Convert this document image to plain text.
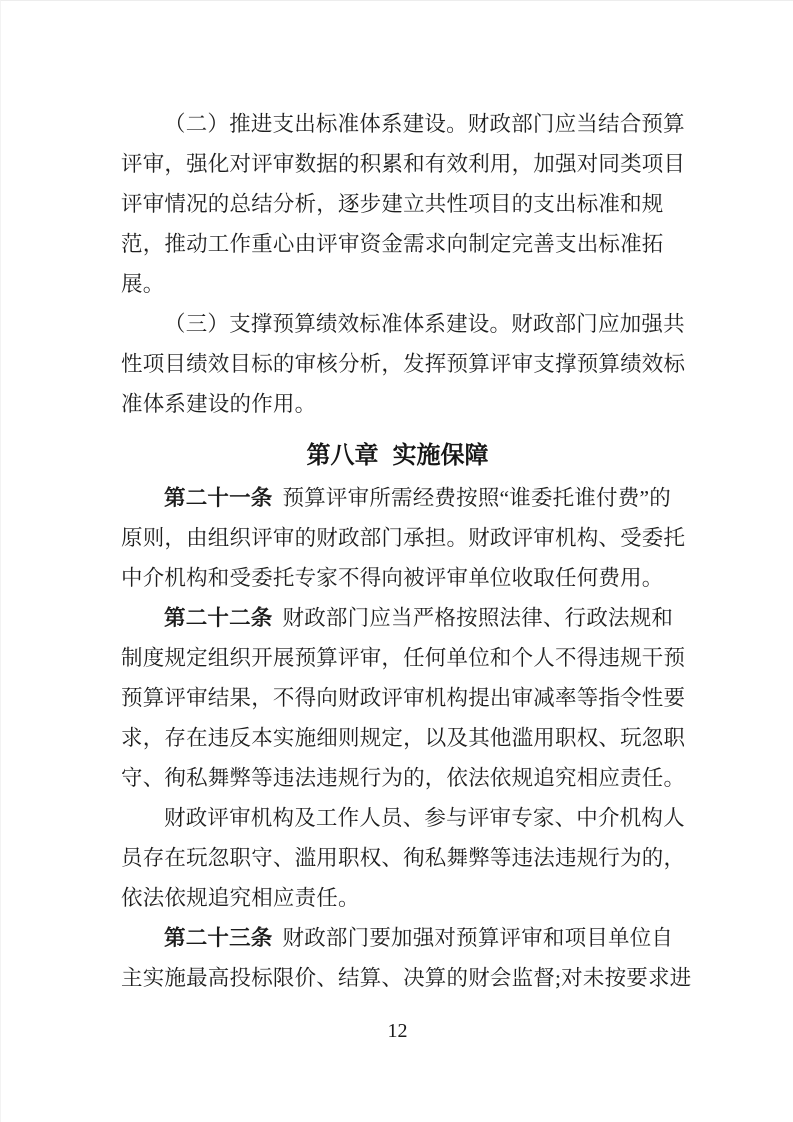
（二）推进支出标准体系建设。财政部门应当结合预算
评审，强化对评审数据的积累和有效利用，加强对同类项目
评审情况的总结分析，逐步建立共性项目的支出标准和规
范，推动工作重心由评审资金需求向制定完善支出标准拓
展。
（三）支撑预算绩效标准体系建设。财政部门应加强共
性项目绩效目标的审核分析，发挥预算评审支撑预算绩效标
准体系建设的作用。
第八章 实施保障
第二十一条 预算评审所需经费按照“谁委托谁付费”的
原则，由组织评审的财政部门承担。财政评审机构、受委托
中介机构和受委托专家不得向被评审单位收取任何费用。
第二十二条 财政部门应当严格按照法律、行政法规和
制度规定组织开展预算评审，任何单位和个人不得违规干预
预算评审结果，不得向财政评审机构提出审减率等指令性要
求，存在违反本实施细则规定，以及其他滥用职权、玩忽职
守、徇私舞弊等违法违规行为的，依法依规追究相应责任。
财政评审机构及工作人员、参与评审专家、中介机构人
员存在玩忽职守、滥用职权、徇私舞弊等违法违规行为的，
依法依规追究相应责任。
第二十三条 财政部门要加强对预算评审和项目单位自
主实施最高投标限价、结算、决算的财会监督;对未按要求进
12
